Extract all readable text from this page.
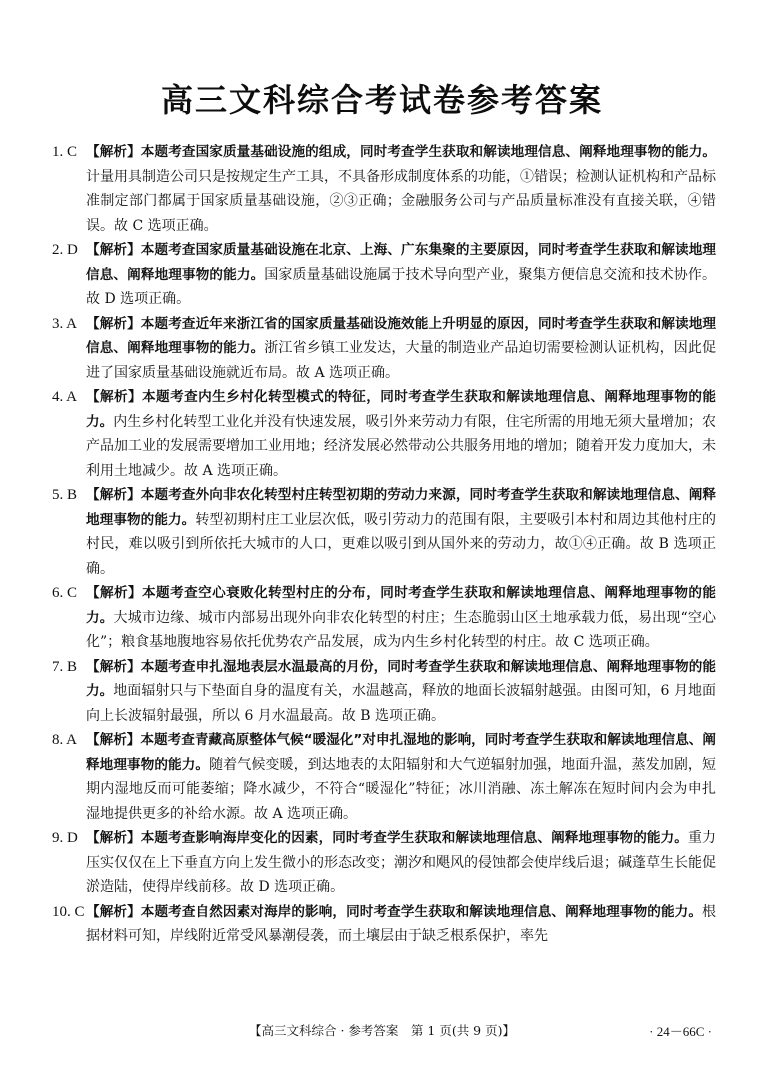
高三文科综合考试卷参考答案
1. C 【解析】本题考查国家质量基础设施的组成，同时考查学生获取和解读地理信息、阐释地理事物的能力。计量用具制造公司只是按规定生产工具，不具备形成制度体系的功能，①错误；检测认证机构和产品标准制定部门都属于国家质量基础设施，②③正确；金融服务公司与产品质量标准没有直接关联，④错误。故 C 选项正确。
2. D 【解析】本题考查国家质量基础设施在北京、上海、广东集聚的主要原因，同时考查学生获取和解读地理信息、阐释地理事物的能力。国家质量基础设施属于技术导向型产业，聚集方便信息交流和技术协作。故 D 选项正确。
3. A 【解析】本题考查近年来浙江省的国家质量基础设施效能上升明显的原因，同时考查学生获取和解读地理信息、阐释地理事物的能力。浙江省乡镇工业发达，大量的制造业产品迫切需要检测认证机构，因此促进了国家质量基础设施就近布局。故 A 选项正确。
4. A 【解析】本题考查内生乡村化转型模式的特征，同时考查学生获取和解读地理信息、阐释地理事物的能力。内生乡村化转型工业化并没有快速发展，吸引外来劳动力有限，住宅所需的用地无须大量增加；农产品加工业的发展需要增加工业用地；经济发展必然带动公共服务用地的增加；随着开发力度加大，未利用土地减少。故 A 选项正确。
5. B 【解析】本题考查外向非农化转型村庄转型初期的劳动力来源，同时考查学生获取和解读地理信息、阐释地理事物的能力。转型初期村庄工业层次低，吸引劳动力的范围有限，主要吸引本村和周边其他村庄的村民，难以吸引到所依托大城市的人口，更难以吸引到从国外来的劳动力，故①④正确。故 B 选项正确。
6. C 【解析】本题考查空心衰败化转型村庄的分布，同时考查学生获取和解读地理信息、阐释地理事物的能力。大城市边缘、城市内部易出现外向非农化转型的村庄；生态脆弱山区土地承载力低，易出现“空心化”；粮食基地腹地容易依托优势农产品发展，成为内生乡村化转型的村庄。故 C 选项正确。
7. B 【解析】本题考查申扎湿地表层水温最高的月份，同时考查学生获取和解读地理信息、阐释地理事物的能力。地面辐射只与下垫面自身的温度有关，水温越高，释放的地面长波辐射越强。由图可知，6 月地面向上长波辐射最强，所以 6 月水温最高。故 B 选项正确。
8. A 【解析】本题考查青藏高原整体气候“暖湿化”对申扎湿地的影响，同时考查学生获取和解读地理信息、阐释地理事物的能力。随着气候变暖，到达地表的太阳辐射和大气逆辐射加强，地面升温，蒸发加剧，短期内湿地反而可能萎缩；降水减少，不符合“暖湿化”特征；冰川消融、冻土解冻在短时间内会为申扎湿地提供更多的补给水源。故 A 选项正确。
9. D 【解析】本题考查影响海岸变化的因素，同时考查学生获取和解读地理信息、阐释地理事物的能力。重力压实仅仅在上下垂直方向上发生微小的形态改变；潮汐和飓风的侵蚀都会使岸线后退；碱蓬草生长能促淤造陆，使得岸线前移。故 D 选项正确。
10. C 【解析】本题考查自然因素对海岸的影响，同时考查学生获取和解读地理信息、阐释地理事物的能力。根据材料可知，岸线附近常受风暴潮侵袭，而土壤层由于缺乏根系保护，率先
【高三文科综合 · 参考答案　第 1 页(共 9 页)】	· 24－66C ·
